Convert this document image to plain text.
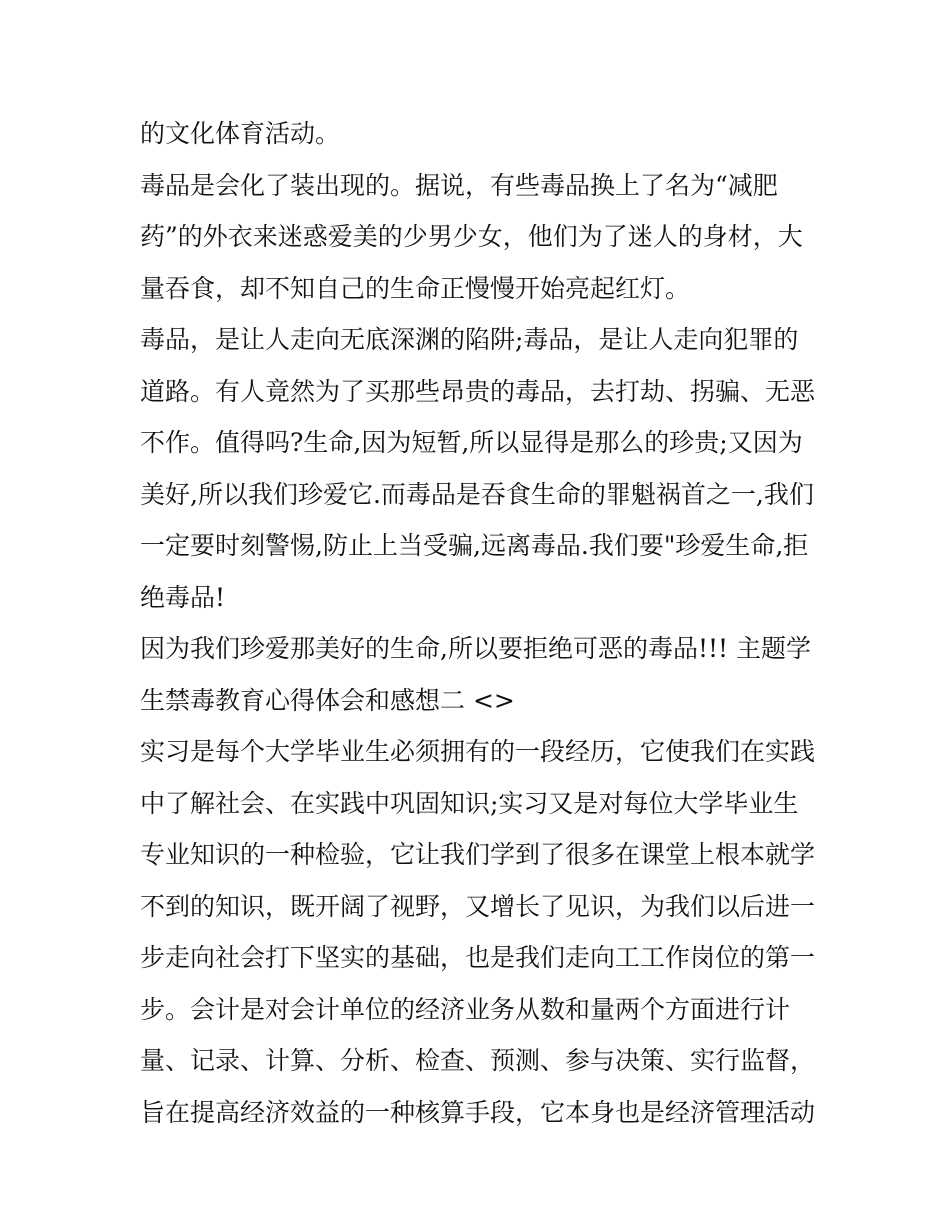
的文化体育活动。
毒品是会化了装出现的。据说，有些毒品换上了名为“减肥
药”的外衣来迷惑爱美的少男少女，他们为了迷人的身材，大
量吞食，却不知自己的生命正慢慢开始亮起红灯。
毒品，是让人走向无底深渊的陷阱;毒品，是让人走向犯罪的
道路。有人竟然为了买那些昂贵的毒品，去打劫、拐骗、无恶
不作。值得吗?生命,因为短暂,所以显得是那么的珍贵;又因为
美好,所以我们珍爱它.而毒品是吞食生命的罪魁祸首之一,我们
一定要时刻警惕,防止上当受骗,远离毒品.我们要"珍爱生命,拒
绝毒品!
因为我们珍爱那美好的生命,所以要拒绝可恶的毒品!!! 主题学
生禁毒教育心得体会和感想二 <>
实习是每个大学毕业生必须拥有的一段经历，它使我们在实践
中了解社会、在实践中巩固知识;实习又是对每位大学毕业生
专业知识的一种检验，它让我们学到了很多在课堂上根本就学
不到的知识，既开阔了视野，又增长了见识，为我们以后进一
步走向社会打下坚实的基础，也是我们走向工工作岗位的第一
步。会计是对会计单位的经济业务从数和量两个方面进行计
量、记录、计算、分析、检查、预测、参与决策、实行监督，
旨在提高经济效益的一种核算手段，它本身也是经济管理活动
